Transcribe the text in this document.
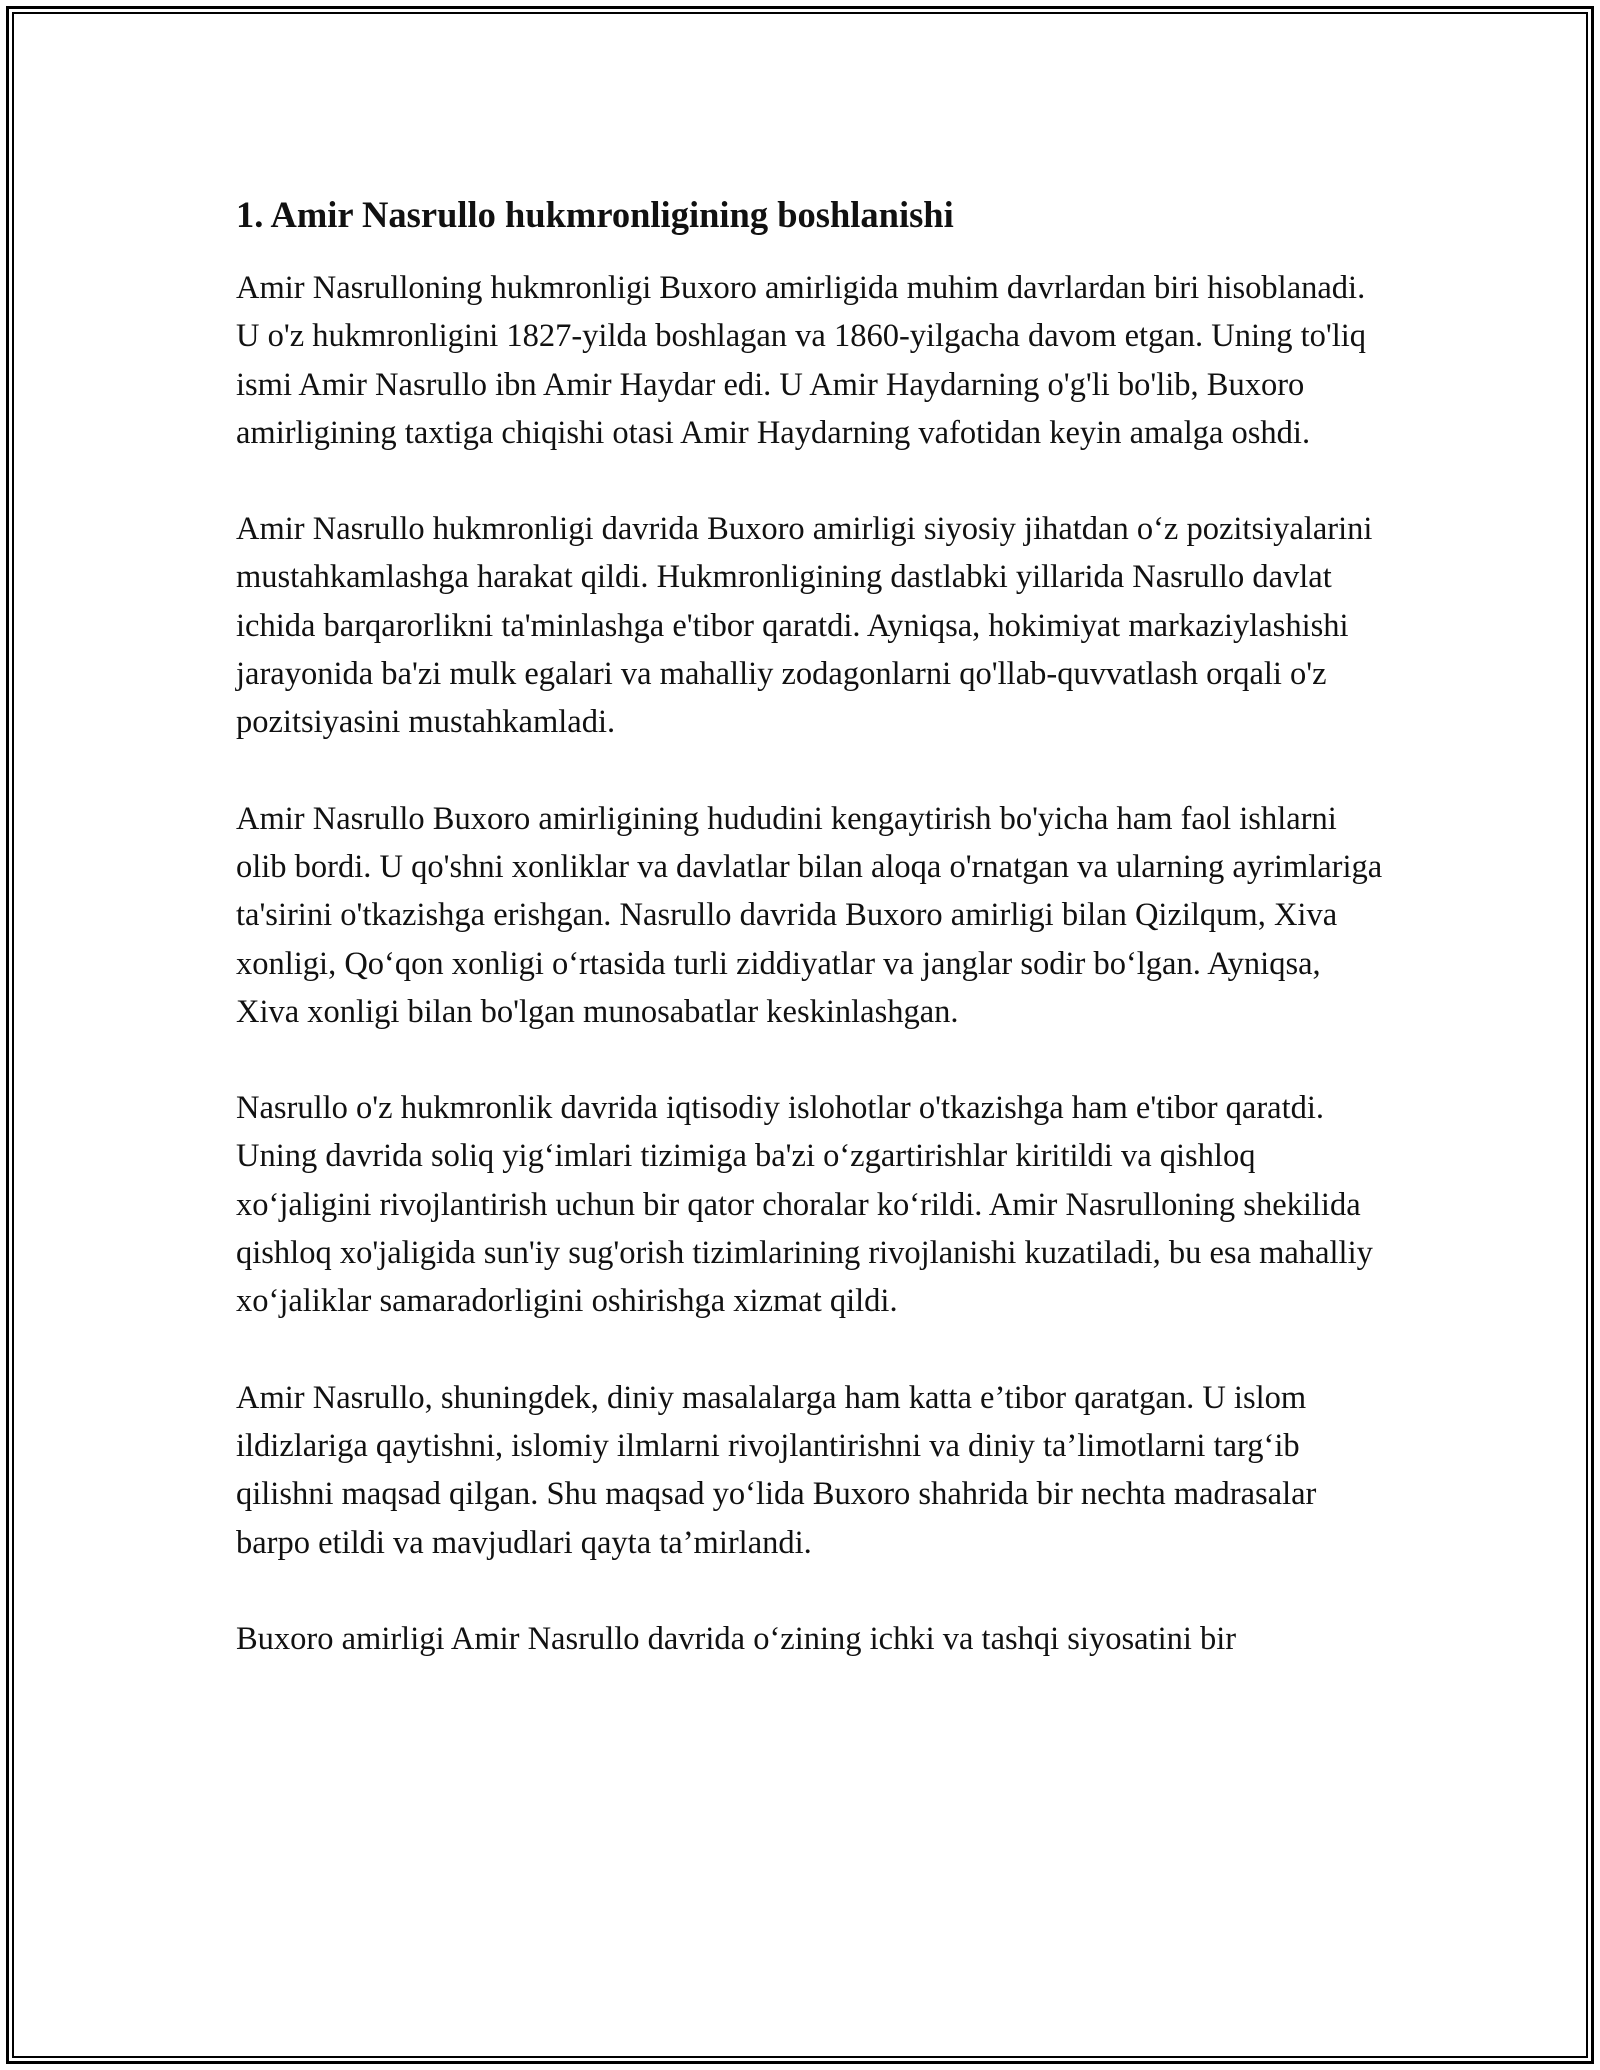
1. Amir Nasrullo hukmronligining boshlanishi

Amir Nasrulloning hukmronligi Buxoro amirligida muhim davrlardan biri hisoblanadi. U o'z hukmronligini 1827-yilda boshlagan va 1860-yilgacha davom etgan. Uning to'liq ismi Amir Nasrullo ibn Amir Haydar edi. U Amir Haydarning o'g'li bo'lib, Buxoro amirligining taxtiga chiqishi otasi Amir Haydarning vafotidan keyin amalga oshdi.

Amir Nasrullo hukmronligi davrida Buxoro amirligi siyosiy jihatdan oʻz pozitsiyalarini mustahkamlashga harakat qildi. Hukmronligining dastlabki yillarida Nasrullo davlat ichida barqarorlikni ta'minlashga e'tibor qaratdi. Ayniqsa, hokimiyat markaziylashishi jarayonida ba'zi mulk egalari va mahalliy zodagonlarni qo'llab-quvvatlash orqali o'z pozitsiyasini mustahkamladi.

Amir Nasrullo Buxoro amirligining hududini kengaytirish bo'yicha ham faol ishlarni olib bordi. U qo'shni xonliklar va davlatlar bilan aloqa o'rnatgan va ularning ayrimlariga ta'sirini o'tkazishga erishgan. Nasrullo davrida Buxoro amirligi bilan Qizilqum, Xiva xonligi, Qoʻqon xonligi oʻrtasida turli ziddiyatlar va janglar sodir boʻlgan. Ayniqsa, Xiva xonligi bilan bo'lgan munosabatlar keskinlashgan.

Nasrullo o'z hukmronlik davrida iqtisodiy islohotlar o'tkazishga ham e'tibor qaratdi. Uning davrida soliq yigʻimlari tizimiga ba'zi oʻzgartirishlar kiritildi va qishloq xoʻjaligini rivojlantirish uchun bir qator choralar koʻrildi. Amir Nasrulloning shekilida qishloq xo'jaligida sun'iy sug'orish tizimlarining rivojlanishi kuzatiladi, bu esa mahalliy xoʻjaliklar samaradorligini oshirishga xizmat qildi.

Amir Nasrullo, shuningdek, diniy masalalarga ham katta e’tibor qaratgan. U islom ildizlariga qaytishni, islomiy ilmlarni rivojlantirishni va diniy ta’limotlarni targʻib qilishni maqsad qilgan. Shu maqsad yoʻlida Buxoro shahrida bir nechta madrasalar barpo etildi va mavjudlari qayta ta’mirlandi.

Buxoro amirligi Amir Nasrullo davrida oʻzining ichki va tashqi siyosatini bir
